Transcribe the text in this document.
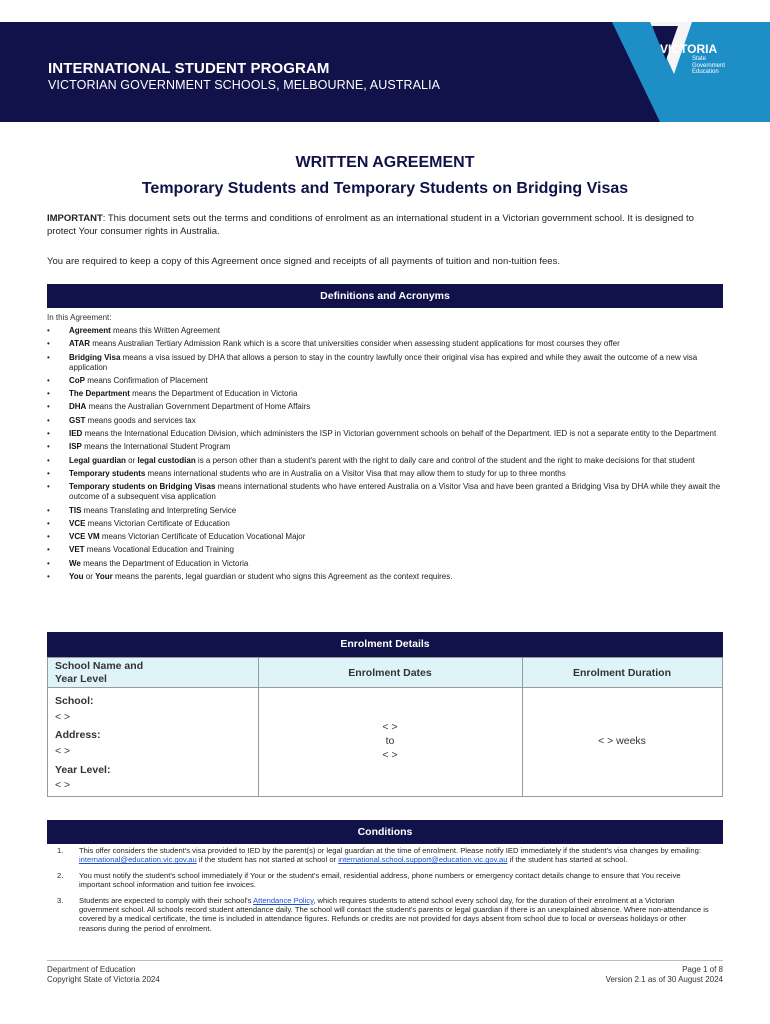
INTERNATIONAL STUDENT PROGRAM
VICTORIAN GOVERNMENT SCHOOLS, MELBOURNE, AUSTRALIA
VICTORIA
State
Government
Education
WRITTEN AGREEMENT
Temporary Students and Temporary Students on Bridging Visas
IMPORTANT: This document sets out the terms and conditions of enrolment as an international student in a Victorian government school. It is designed to protect Your consumer rights in Australia.
You are required to keep a copy of this Agreement once signed and receipts of all payments of tuition and non-tuition fees.
Definitions and Acronyms
In this Agreement:
• Agreement means this Written Agreement
• ATAR means Australian Tertiary Admission Rank which is a score that universities consider when assessing student applications for most courses they offer
• Bridging Visa means a visa issued by DHA that allows a person to stay in the country lawfully once their original visa has expired and while they await the outcome of a new visa application
• CoP means Confirmation of Placement
• The Department means the Department of Education in Victoria
• DHA means the Australian Government Department of Home Affairs
• GST means goods and services tax
• IED means the International Education Division, which administers the ISP in Victorian government schools on behalf of the Department. IED is not a separate entity to the Department
• ISP means the International Student Program
• Legal guardian or legal custodian is a person other than a student's parent with the right to daily care and control of the student and the right to make decisions for that student
• Temporary students means international students who are in Australia on a Visitor Visa that may allow them to study for up to three months
• Temporary students on Bridging Visas means international students who have entered Australia on a Visitor Visa and have been granted a Bridging Visa by DHA while they await the outcome of a subsequent visa application
• TIS means Translating and Interpreting Service
• VCE means Victorian Certificate of Education
• VCE VM means Victorian Certificate of Education Vocational Major
• VET means Vocational Education and Training
• We means the Department of Education in Victoria
• You or Your means the parents, legal guardian or student who signs this Agreement as the context requires.
Enrolment Details
School Name and
Year Level	Enrolment Dates	Enrolment Duration
School:
< >
Address:
< >
Year Level:
< >
< >
to
< >
< > weeks
Conditions
1. This offer considers the student's visa provided to IED by the parent(s) or legal guardian at the time of enrolment. Please notify IED immediately if the student's visa changes by emailing: international@education.vic.gov.au if the student has not started at school or international.school.support@education.vic.gov.au if the student has started at school.
2. You must notify the student's school immediately if Your or the student's email, residential address, phone numbers or emergency contact details change to ensure that You receive important school information and tuition fee invoices.
3. Students are expected to comply with their school's Attendance Policy, which requires students to attend school every school day, for the duration of their enrolment at a Victorian government school. All schools record student attendance daily. The school will contact the student's parents or legal guardian if there is an unexplained absence. Where non-attendance is covered by a medical certificate, the time is included in attendance figures. Refunds or credits are not provided for days absent from school due to local or overseas holidays or other reasons during the period of enrolment.
Department of Education
Copyright State of Victoria 2024
Page 1 of 8
Version 2.1 as of 30 August 2024
